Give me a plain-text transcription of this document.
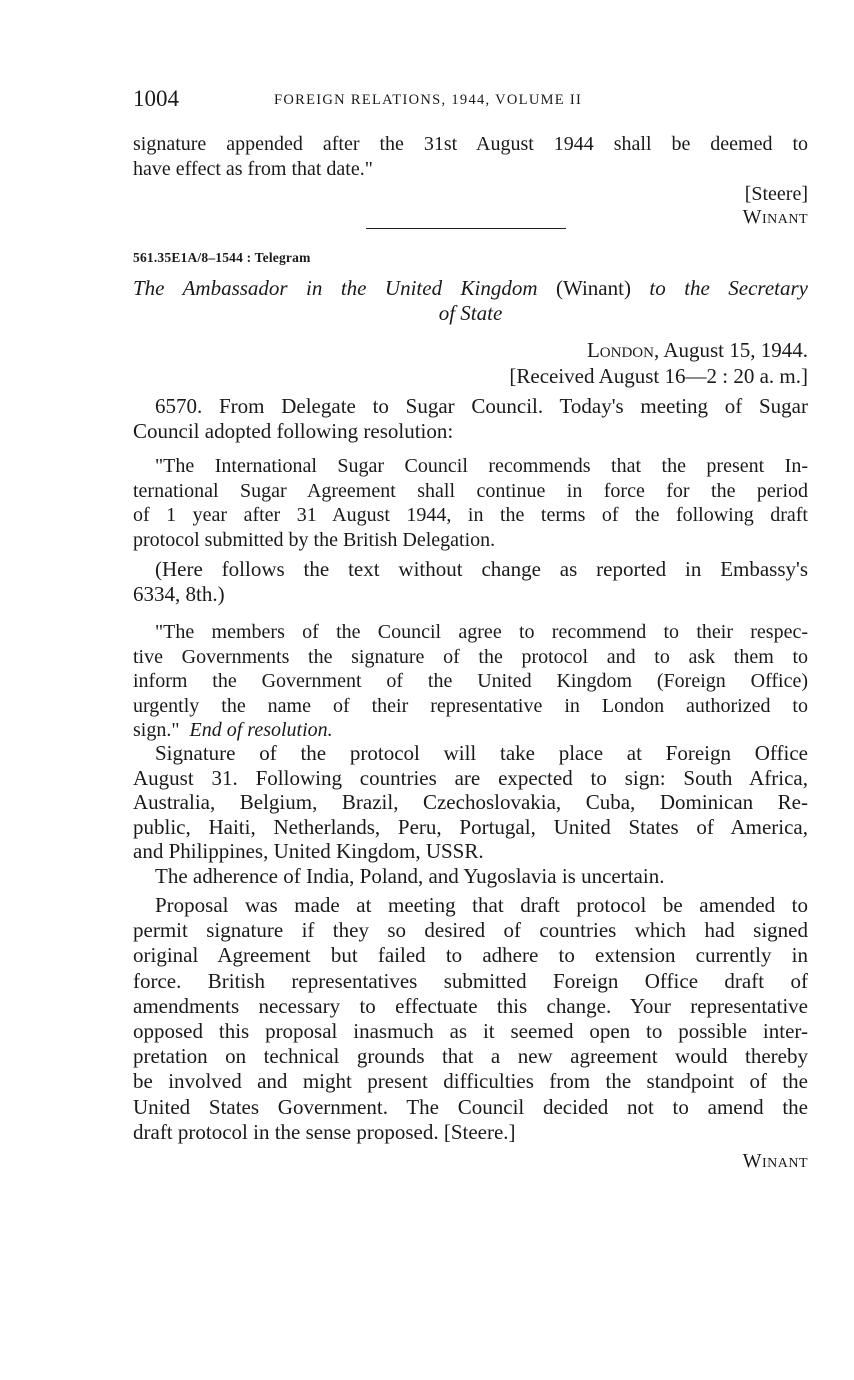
1004	FOREIGN RELATIONS, 1944, VOLUME II

signature appended after the 31st August 1944 shall be deemed to
have effect as from that date."

[Steere]
Winant
561.35E1A/8–1544 : Telegram
The Ambassador in the United Kingdom (Winant) to the Secretary
of State
London, August 15, 1944.
[Received August 16—2 : 20 a. m.]

6570. From Delegate to Sugar Council. Today's meeting of Sugar
Council adopted following resolution:

"The International Sugar Council recommends that the present In-
ternational Sugar Agreement shall continue in force for the period
of 1 year after 31 August 1944, in the terms of the following draft
protocol submitted by the British Delegation.

(Here follows the text without change as reported in Embassy's
6334, 8th.)

"The members of the Council agree to recommend to their respec-
tive Governments the signature of the protocol and to ask them to
inform the Government of the United Kingdom (Foreign Office)
urgently the name of their representative in London authorized to
sign." End of resolution.

Signature of the protocol will take place at Foreign Office
August 31. Following countries are expected to sign: South Africa,
Australia, Belgium, Brazil, Czechoslovakia, Cuba, Dominican Re-
public, Haiti, Netherlands, Peru, Portugal, United States of America,
and Philippines, United Kingdom, USSR.
The adherence of India, Poland, and Yugoslavia is uncertain.

Proposal was made at meeting that draft protocol be amended to
permit signature if they so desired of countries which had signed
original Agreement but failed to adhere to extension currently in
force. British representatives submitted Foreign Office draft of
amendments necessary to effectuate this change. Your representative
opposed this proposal inasmuch as it seemed open to possible inter-
pretation on technical grounds that a new agreement would thereby
be involved and might present difficulties from the standpoint of the
United States Government. The Council decided not to amend the
draft protocol in the sense proposed. [Steere.]

Winant
